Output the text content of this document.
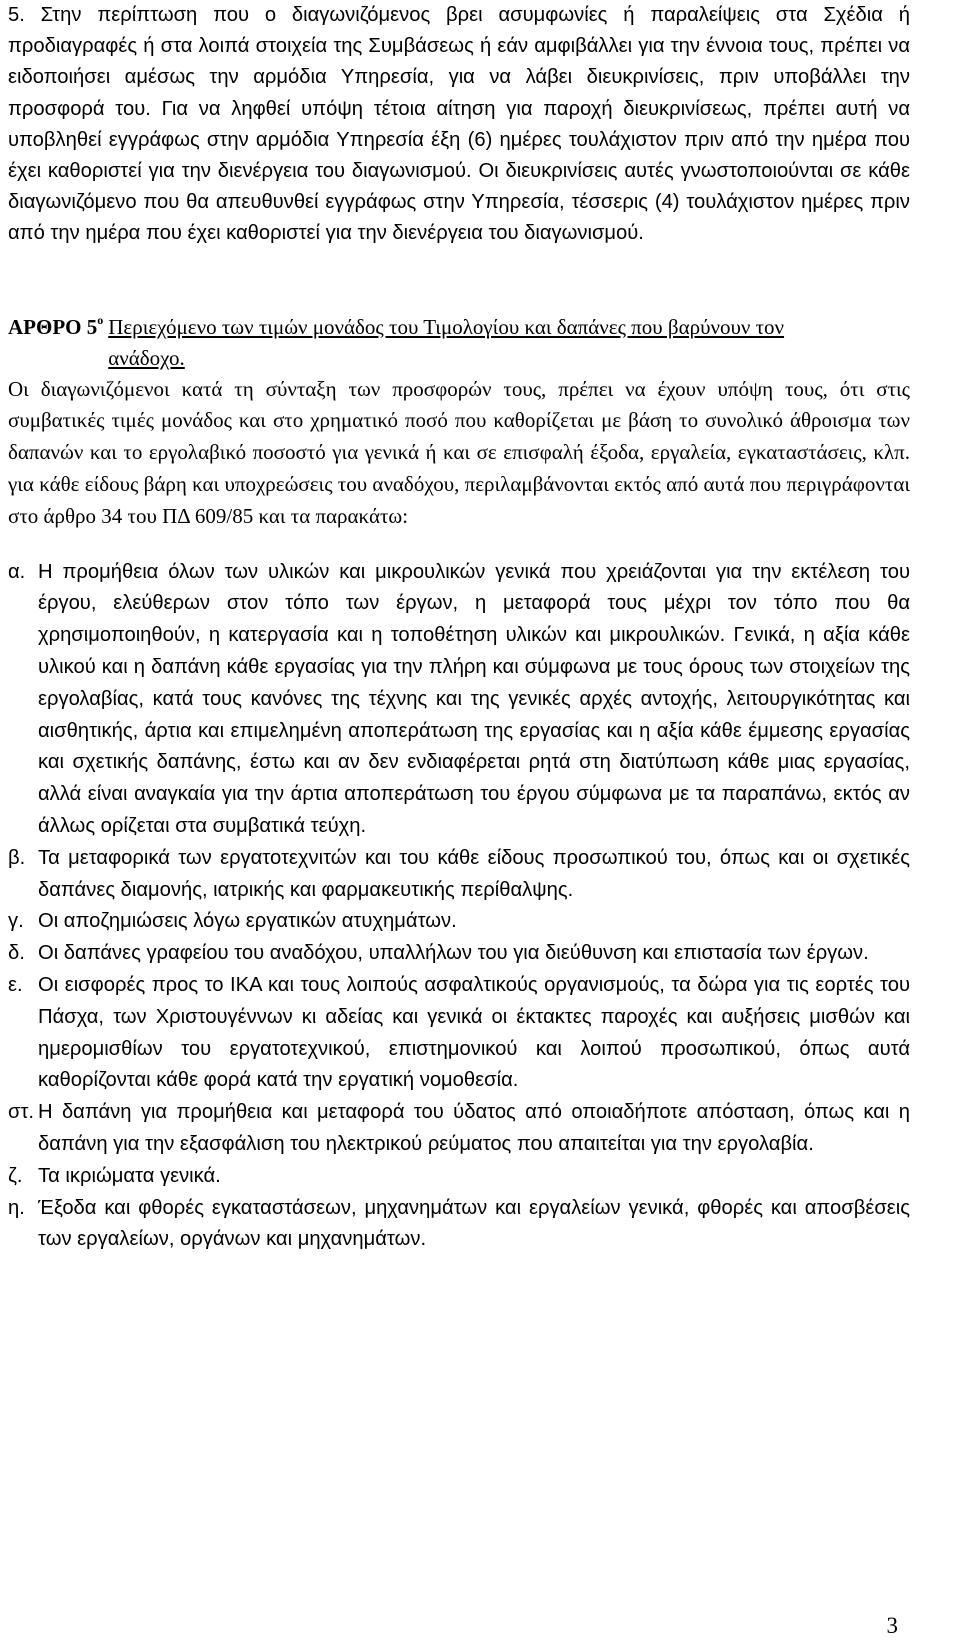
5. Στην περίπτωση που ο διαγωνιζόμενος βρει ασυμφωνίες ή παραλείψεις στα Σχέδια ή προδιαγραφές ή στα λοιπά στοιχεία της Συμβάσεως ή εάν αμφιβάλλει για την έννοια τους, πρέπει να ειδοποιήσει αμέσως την αρμόδια Υπηρεσία, για να λάβει διευκρινίσεις, πριν υποβάλλει την προσφορά του. Για να ληφθεί υπόψη τέτοια αίτηση για παροχή διευκρινίσεως, πρέπει αυτή να υποβληθεί εγγράφως στην αρμόδια Υπηρεσία έξη (6) ημέρες τουλάχιστον πριν από την ημέρα που έχει καθοριστεί για την διενέργεια του διαγωνισμού. Οι διευκρινίσεις αυτές γνωστοποιούνται σε κάθε διαγωνιζόμενο που θα απευθυνθεί εγγράφως στην Υπηρεσία, τέσσερις (4) τουλάχιστον ημέρες πριν από την ημέρα που έχει καθοριστεί για την διενέργεια του διαγωνισμού.

ΑΡΘΡΟ $5^o$ Περιεχόμενο των τιμών μονάδος του Τιμολογίου και δαπάνες που βαρύνουν τον ανάδοχο.

Οι διαγωνιζόμενοι κατά τη σύνταξη των προσφορών τους, πρέπει να έχουν υπόψη τους, ότι στις συμβατικές τιμές μονάδος και στο χρηματικό ποσό που καθορίζεται με βάση το συνολικό άθροισμα των δαπανών και το εργολαβικό ποσοστό για γενικά ή και σε επισφαλή έξοδα, εργαλεία, εγκαταστάσεις, κλπ. για κάθε είδους βάρη και υποχρεώσεις του αναδόχου, περιλαμβάνονται εκτός από αυτά που περιγράφονται στο άρθρο 34 του ΠΔ 609/85 και τα παρακάτω:

α. Η προμήθεια όλων των υλικών και μικρουλικών γενικά που χρειάζονται για την εκτέλεση του έργου, ελεύθερων στον τόπο των έργων, η μεταφορά τους μέχρι τον τόπο που θα χρησιμοποιηθούν, η κατεργασία και η τοποθέτηση υλικών και μικρουλικών. Γενικά, η αξία κάθε υλικού και η δαπάνη κάθε εργασίας για την πλήρη και σύμφωνα με τους όρους των στοιχείων της εργολαβίας, κατά τους κανόνες της τέχνης και της γενικές αρχές αντοχής, λειτουργικότητας και αισθητικής, άρτια και επιμελημένη αποπεράτωση της εργασίας και η αξία κάθε έμμεσης εργασίας και σχετικής δαπάνης, έστω και αν δεν ενδιαφέρεται ρητά στη διατύπωση κάθε μιας εργασίας, αλλά είναι αναγκαία για την άρτια αποπεράτωση του έργου σύμφωνα με τα παραπάνω, εκτός αν άλλως ορίζεται στα συμβατικά τεύχη.
β. Τα μεταφορικά των εργατοτεχνιτών και του κάθε είδους προσωπικού του, όπως και οι σχετικές δαπάνες διαμονής, ιατρικής και φαρμακευτικής περίθαλψης.
γ. Οι αποζημιώσεις λόγω εργατικών ατυχημάτων.
δ. Οι δαπάνες γραφείου του αναδόχου, υπαλλήλων του για διεύθυνση και επιστασία των έργων.
ε. Οι εισφορές προς το ΙΚΑ και τους λοιπούς ασφαλτικούς οργανισμούς, τα δώρα για τις εορτές του Πάσχα, των Χριστουγέννων κι αδείας και γενικά οι έκτακτες παροχές και αυξήσεις μισθών και ημερομισθίων του εργατοτεχνικού, επιστημονικού και λοιπού προσωπικού, όπως αυτά καθορίζονται κάθε φορά κατά την εργατική νομοθεσία.
στ. Η δαπάνη για προμήθεια και μεταφορά του ύδατος από οποιαδήποτε απόσταση, όπως και η δαπάνη για την εξασφάλιση του ηλεκτρικού ρεύματος που απαιτείται για την εργολαβία.
ζ. Τα ικριώματα γενικά.
η. Έξοδα και φθορές εγκαταστάσεων, μηχανημάτων και εργαλείων γενικά, φθορές και αποσβέσεις των εργαλείων, οργάνων και μηχανημάτων.
3
